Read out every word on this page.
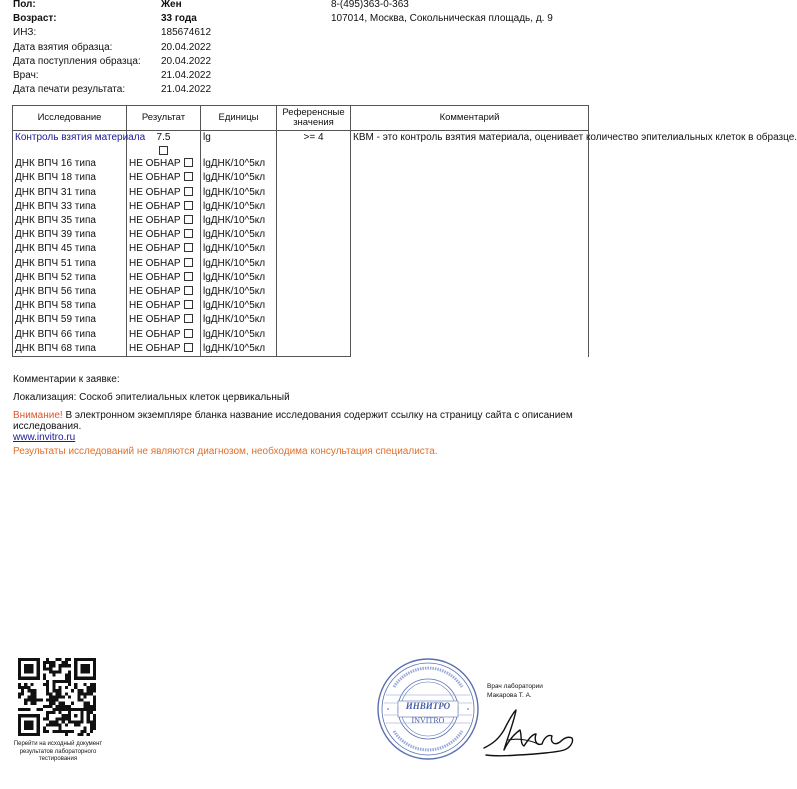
Пол:	Жен
Возраст:	33 года
ИНЗ:	185674612
Дата взятия образца:	20.04.2022
Дата поступления образца:	20.04.2022
Врач:	21.04.2022
Дата печати результата:	21.04.2022
8-(495)363-0-363
107014, Москва, Сокольническая площадь, д. 9
Исследование	Результат	Единицы	Референсные значения	Комментарий
Контроль взятия материала	7.5	lg	>= 4	КВМ - это контроль взятия материала, оценивает количество эпителиальных клеток в образце.

ДНК ВПЧ 16 типа	НЕ ОБНАР	lgДНК/10^5кл		
ДНК ВПЧ 18 типа	НЕ ОБНАР	lgДНК/10^5кл		
ДНК ВПЧ 31 типа	НЕ ОБНАР	lgДНК/10^5кл		
ДНК ВПЧ 33 типа	НЕ ОБНАР	lgДНК/10^5кл		
ДНК ВПЧ 35 типа	НЕ ОБНАР	lgДНК/10^5кл		
ДНК ВПЧ 39 типа	НЕ ОБНАР	lgДНК/10^5кл		
ДНК ВПЧ 45 типа	НЕ ОБНАР	lgДНК/10^5кл		
ДНК ВПЧ 51 типа	НЕ ОБНАР	lgДНК/10^5кл		
ДНК ВПЧ 52 типа	НЕ ОБНАР	lgДНК/10^5кл		
ДНК ВПЧ 56 типа	НЕ ОБНАР	lgДНК/10^5кл		
ДНК ВПЧ 58 типа	НЕ ОБНАР	lgДНК/10^5кл		
ДНК ВПЧ 59 типа	НЕ ОБНАР	lgДНК/10^5кл		
ДНК ВПЧ 66 типа	НЕ ОБНАР	lgДНК/10^5кл		
ДНК ВПЧ 68 типа	НЕ ОБНАР	lgДНК/10^5кл		
Комментарии к заявке:
Локализация: Соскоб эпителиальных клеток цервикальный
Внимание! В электронном экземпляре бланка название исследования содержит ссылку на страницу сайта с описанием исследования.
www.invitro.ru
Результаты исследований не являются диагнозом, необходима консультация специалиста.
Перейти на исходный документ результатов лабораторного тестирования
ИНВИТРО
INVITRO
Врач лаборатории
Макарова Т. А.
